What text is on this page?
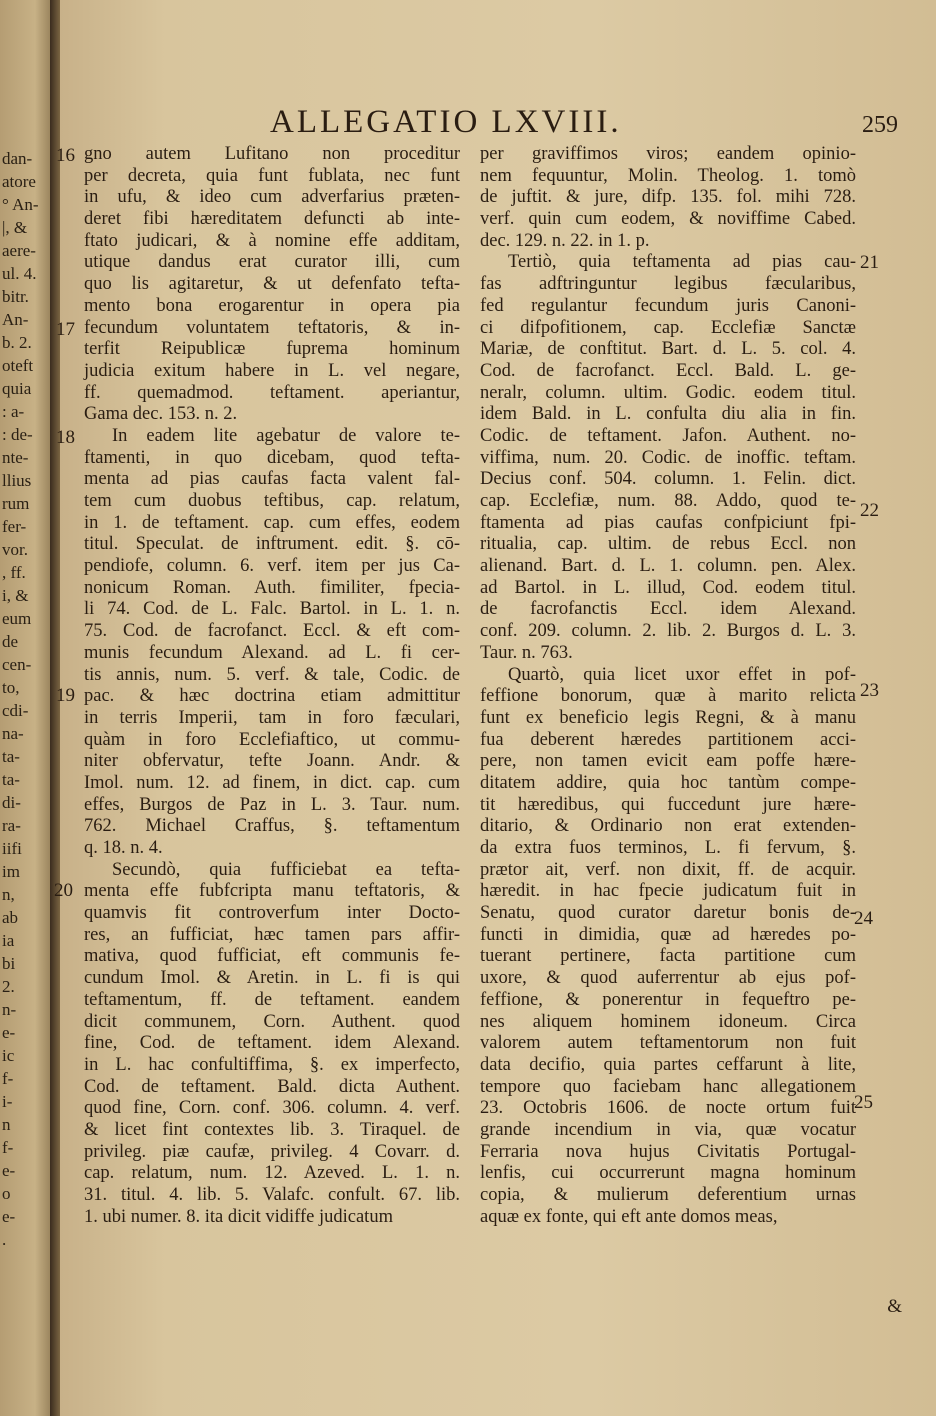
dan-
atore
° An-
|, &
aere-
ul. 4.
bitr.
An-
b. 2.
oteft
quia
: a-
: de-
nte-
llius
rum
fer-
vor.
, ff.
i, &
eum
de
cen-
to,
cdi-
na-
ta-
ta-
di-
ra-
iifi
im
n,
ab
ia
bi
2.
n-
e-
ic
f-
i-
n
f-
e-
o
e-
.
ALLEGATIO LXVIII.	259
gno autem Lufitano non proceditur
per decreta, quia funt fublata, nec funt
in ufu, & ideo cum adverfarius præten-
deret fibi hæreditatem defuncti ab inte-
ftato judicari, & à nomine effe additam,
utique dandus erat curator illi, cum
quo lis agitaretur, & ut defenfato tefta-
mento bona erogarentur in opera pia
fecundum voluntatem teftatoris, & in-
terfit Reipublicæ fuprema hominum
judicia exitum habere in L. vel negare,
ff. quemadmod. teftament. aperiantur,
Gama dec. 153. n. 2.
In eadem lite agebatur de valore te-
ftamenti, in quo dicebam, quod tefta-
menta ad pias caufas facta valent fal-
tem cum duobus teftibus, cap. relatum,
in 1. de teftament. cap. cum effes, eodem
titul. Speculat. de inftrument. edit. §. cō-
pendiofe, column. 6. verf. item per jus Ca-
nonicum Roman. Auth. fimiliter, fpecia-
li 74. Cod. de L. Falc. Bartol. in L. 1. n.
75. Cod. de facrofanct. Eccl. & eft com-
munis fecundum Alexand. ad L. fi cer-
tis annis, num. 5. verf. & tale, Codic. de
pac. & hæc doctrina etiam admittitur
in terris Imperii, tam in foro fæculari,
quàm in foro Ecclefiaftico, ut commu-
niter obfervatur, tefte Joann. Andr. &
Imol. num. 12. ad finem, in dict. cap. cum
effes, Burgos de Paz in L. 3. Taur. num.
762. Michael Craffus, §. teftamentum
q. 18. n. 4.
Secundò, quia fufficiebat ea tefta-
menta effe fubfcripta manu teftatoris, &
quamvis fit controverfum inter Docto-
res, an fufficiat, hæc tamen pars affir-
mativa, quod fufficiat, eft communis fe-
cundum Imol. & Aretin. in L. fi is qui
teftamentum, ff. de teftament. eandem
dicit communem, Corn. Authent. quod
fine, Cod. de teftament. idem Alexand.
in L. hac confultiffima, §. ex imperfecto,
Cod. de teftament. Bald. dicta Authent.
quod fine, Corn. conf. 306. column. 4. verf.
& licet fint contextes lib. 3. Tiraquel. de
privileg. piæ caufæ, privileg. 4 Covarr. d.
cap. relatum, num. 12. Azeved. L. 1. n.
31. titul. 4. lib. 5. Valafc. confult. 67. lib.
1. ubi numer. 8. ita dicit vidiffe judicatum
per graviffimos viros; eandem opinio-
nem fequuntur, Molin. Theolog. 1. tomò
de juftit. & jure, difp. 135. fol. mihi 728.
verf. quin cum eodem, & noviffime Cabed.
dec. 129. n. 22. in 1. p.
Tertiò, quia teftamenta ad pias cau-
fas adftringuntur legibus fæcularibus,
fed regulantur fecundum juris Canoni-
ci difpofitionem, cap. Ecclefiæ Sanctæ
Mariæ, de conftitut. Bart. d. L. 5. col. 4.
Cod. de facrofanct. Eccl. Bald. L. ge-
neralr, column. ultim. Godic. eodem titul.
idem Bald. in L. confulta diu alia in fin.
Codic. de teftament. Jafon. Authent. no-
viffima, num. 20. Codic. de inoffic. teftam.
Decius conf. 504. column. 1. Felin. dict.
cap. Ecclefiæ, num. 88. Addo, quod te-
ftamenta ad pias caufas confpiciunt fpi-
ritualia, cap. ultim. de rebus Eccl. non
alienand. Bart. d. L. 1. column. pen. Alex.
ad Bartol. in L. illud, Cod. eodem titul.
de facrofanctis Eccl. idem Alexand.
conf. 209. column. 2. lib. 2. Burgos d. L. 3.
Taur. n. 763.
Quartò, quia licet uxor effet in pof-
feffione bonorum, quæ à marito relicta
funt ex beneficio legis Regni, & à manu
fua deberent hæredes partitionem acci-
pere, non tamen evicit eam poffe hære-
ditatem addire, quia hoc tantùm compe-
tit hæredibus, qui fuccedunt jure hære-
ditario, & Ordinario non erat extenden-
da extra fuos terminos, L. fi fervum, §.
prætor ait, verf. non dixit, ff. de acquir.
hæredit. in hac fpecie judicatum fuit in
Senatu, quod curator daretur bonis de-
functi in dimidia, quæ ad hæredes po-
tuerant pertinere, facta partitione cum
uxore, & quod auferrentur ab ejus pof-
feffione, & ponerentur in fequeftro pe-
nes aliquem hominem idoneum. Circa
valorem autem teftamentorum non fuit
data decifio, quia partes ceffarunt à lite,
tempore quo faciebam hanc allegationem
23. Octobris 1606. de nocte ortum fuit
grande incendium in via, quæ vocatur
Ferraria nova hujus Civitatis Portugal-
lenfis, cui occurrerunt magna hominum
copia, & mulierum deferentium urnas
aquæ ex fonte, qui eft ante domos meas,
16
17
18
19
20
21
22
23
24
25
&
